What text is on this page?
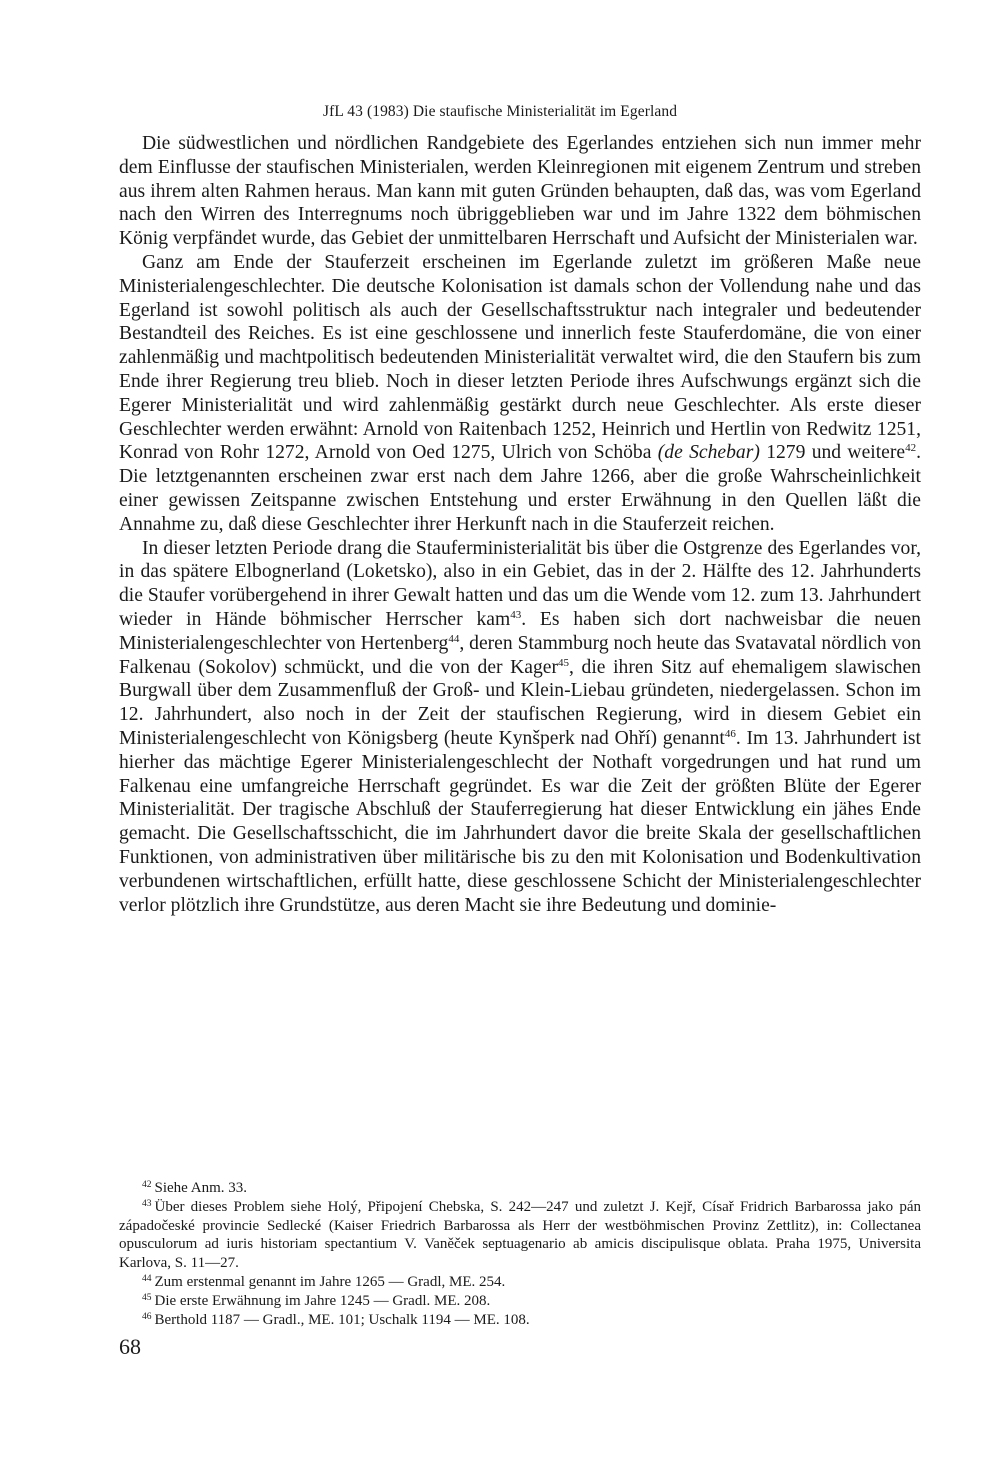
JfL 43 (1983) Die staufische Ministerialität im Egerland

Die südwestlichen und nördlichen Randgebiete des Egerlandes entziehen sich nun immer mehr dem Einflusse der staufischen Ministerialen, werden Kleinregionen mit eigenem Zentrum und streben aus ihrem alten Rahmen heraus. Man kann mit guten Gründen behaupten, daß das, was vom Egerland nach den Wirren des Interregnums noch übriggeblieben war und im Jahre 1322 dem böhmischen König verpfändet wurde, das Gebiet der unmittelbaren Herrschaft und Aufsicht der Ministerialen war.

Ganz am Ende der Stauferzeit erscheinen im Egerlande zuletzt im größeren Maße neue Ministerialengeschlechter. Die deutsche Kolonisation ist damals schon der Vollendung nahe und das Egerland ist sowohl politisch als auch der Gesellschaftsstruktur nach integraler und bedeutender Bestandteil des Reiches. Es ist eine geschlossene und innerlich feste Stauferdomäne, die von einer zahlenmäßig und machtpolitisch bedeutenden Ministerialität verwaltet wird, die den Staufern bis zum Ende ihrer Regierung treu blieb. Noch in dieser letzten Periode ihres Aufschwungs ergänzt sich die Egerer Ministerialität und wird zahlenmäßig gestärkt durch neue Geschlechter. Als erste dieser Geschlechter werden erwähnt: Arnold von Raitenbach 1252, Heinrich und Hertlin von Redwitz 1251, Konrad von Rohr 1272, Arnold von Oed 1275, Ulrich von Schöba (de Schebar) 1279 und weitere$^{42}$. Die letztgenannten erscheinen zwar erst nach dem Jahre 1266, aber die große Wahrscheinlichkeit einer gewissen Zeitspanne zwischen Entstehung und erster Erwähnung in den Quellen läßt die Annahme zu, daß diese Geschlechter ihrer Herkunft nach in die Stauferzeit reichen.

In dieser letzten Periode drang die Stauferministerialität bis über die Ostgrenze des Egerlandes vor, in das spätere Elbognerland (Loketsko), also in ein Gebiet, das in der 2. Hälfte des 12. Jahrhunderts die Staufer vorübergehend in ihrer Gewalt hatten und das um die Wende vom 12. zum 13. Jahrhundert wieder in Hände böhmischer Herrscher kam$^{43}$. Es haben sich dort nachweisbar die neuen Ministerialengeschlechter von Hertenberg$^{44}$, deren Stammburg noch heute das Svatavatal nördlich von Falkenau (Sokolov) schmückt, und die von der Kager$^{45}$, die ihren Sitz auf ehemaligem slawischen Burgwall über dem Zusammenfluß der Groß- und Klein-Liebau gründeten, niedergelassen. Schon im 12. Jahrhundert, also noch in der Zeit der staufischen Regierung, wird in diesem Gebiet ein Ministerialengeschlecht von Königsberg (heute Kynšperk nad Ohří) genannt$^{46}$. Im 13. Jahrhundert ist hierher das mächtige Egerer Ministerialengeschlecht der Nothaft vorgedrungen und hat rund um Falkenau eine umfangreiche Herrschaft gegründet. Es war die Zeit der größten Blüte der Egerer Ministerialität. Der tragische Abschluß der Stauferregierung hat dieser Entwicklung ein jähes Ende gemacht. Die Gesellschaftsschicht, die im Jahrhundert davor die breite Skala der gesellschaftlichen Funktionen, von administrativen über militärische bis zu den mit Kolonisation und Bodenkultivation verbundenen wirtschaftlichen, erfüllt hatte, diese geschlossene Schicht der Ministerialengeschlechter verlor plötzlich ihre Grundstütze, aus deren Macht sie ihre Bedeutung und dominie-

$^{42}$ Siehe Anm. 33.

$^{43}$ Über dieses Problem siehe Holý, Připojení Chebska, S. 242—247 und zuletzt J. Kejř, Císař Fridrich Barbarossa jako pán západočeské provincie Sedlecké (Kaiser Friedrich Barbarossa als Herr der westböhmischen Provinz Zettlitz), in: Collectanea opusculorum ad iuris historiam spectantium V. Vaněček septuagenario ab amicis discipulisque oblata. Praha 1975, Universita Karlova, S. 11—27.

$^{44}$ Zum erstenmal genannt im Jahre 1265 — Gradl, ME. 254.

$^{45}$ Die erste Erwähnung im Jahre 1245 — Gradl. ME. 208.

$^{46}$ Berthold 1187 — Gradl., ME. 101; Uschalk 1194 — ME. 108.

68
